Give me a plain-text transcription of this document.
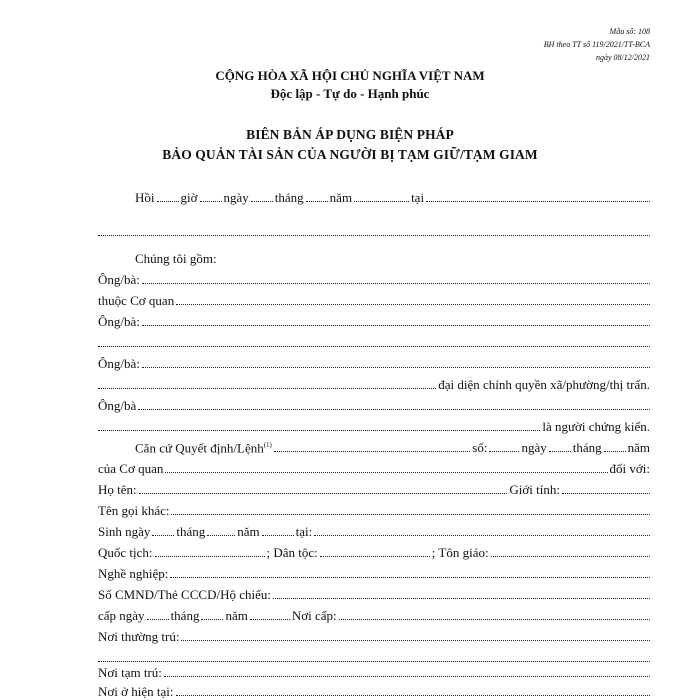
Mẫu số: 108
BH theo TT số 119/2021/TT-BCA
ngày 08/12/2021
CỘNG HÒA XÃ HỘI CHỦ NGHĨA VIỆT NAM
Độc lập - Tự do - Hạnh phúc
BIÊN BẢN ÁP DỤNG BIỆN PHÁP
BẢO QUẢN TÀI SẢN CỦA NGƯỜI BỊ TẠM GIỮ/TẠM GIAM
Hồi giờ ngày tháng năm	tại
Chúng tôi gồm:
Ông/bà:
thuộc Cơ quan
Ông/bà:
Ông/bà:
đại diện chính quyền xã/phường/thị trấn.
Ông/bà
là người chứng kiến.
Căn cứ Quyết định/Lệnh$^{(1)}$	số:	ngày tháng năm
của Cơ quan	đối với:
Họ tên:	Giới tính:
Tên gọi khác:
Sinh ngày tháng năm	tại:
Quốc tịch:	; Dân tộc:	; Tôn giáo:
Nghề nghiệp:
Số CMND/Thẻ CCCD/Hộ chiếu:
cấp ngày tháng năm	Nơi cấp:
Nơi thường trú:
Nơi tạm trú:
Nơi ở hiện tại:
